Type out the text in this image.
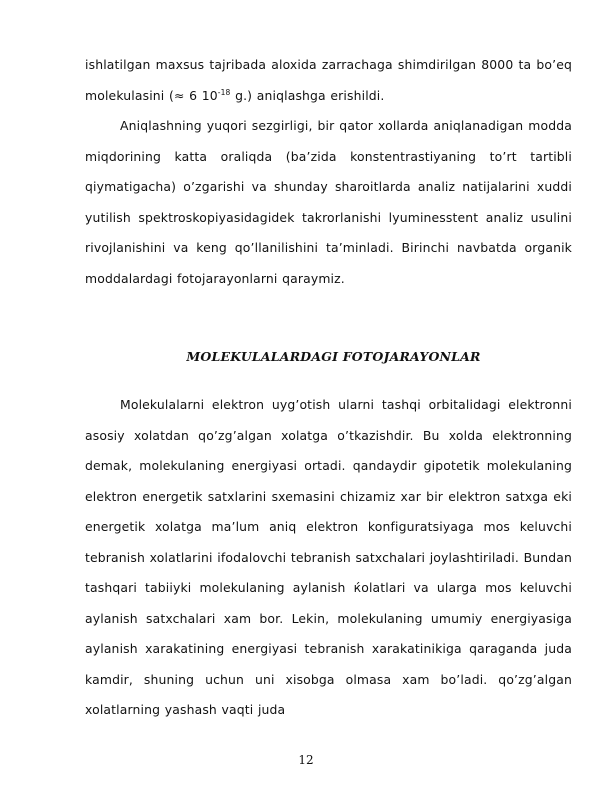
ishlatilgan maxsus tajribada aloxida zarrachaga shimdirilgan 8000 ta bo’eq molekulasini (≈ 6 $10^{-18}$ g.) aniqlashga erishildi.

Aniqlashning yuqori sezgirligi, bir qator xollarda aniqlanadigan modda miqdorining katta oraliqda (ba’zida konstentrastiyaning to’rt tartibli qiymatigacha) o’zgarishi va shunday sharoitlarda analiz natijalarini xuddi yutilish spektroskopiyasidagidek takrorlanishi lyuminesstent analiz usulini rivojlanishini va keng qo’llanilishini ta’minladi. Birinchi navbatda organik moddalardagi fotojarayonlarni qaraymiz.

MOLEKULALARDAGI FOTOJARAYONLAR

Molekulalarni elektron uyg’otish ularni tashqi orbitalidagi elektronni asosiy xolatdan qo’zg’algan xolatga o’tkazishdir. Bu xolda elektronning demak, molekulaning energiyasi ortadi. qandaydir gipotetik molekulaning elektron energetik satxlarini sxemasini chizamiz xar bir elektron satxga eki energetik xolatga ma’lum aniq elektron konfiguratsiyaga mos keluvchi tebranish xolatlarini ifodalovchi tebranish satxchalari joylashtiriladi. Bundan tashqari tabiiyki molekulaning aylanish ќolatlari va ularga mos keluvchi aylanish satxchalari xam bor. Lekin, molekulaning umumiy energiyasiga aylanish xarakatining energiyasi tebranish xarakatinikiga qaraganda juda kamdir, shuning uchun uni xisobga olmasa xam bo’ladi. qo’zg’algan xolatlarning yashash vaqti juda

12
